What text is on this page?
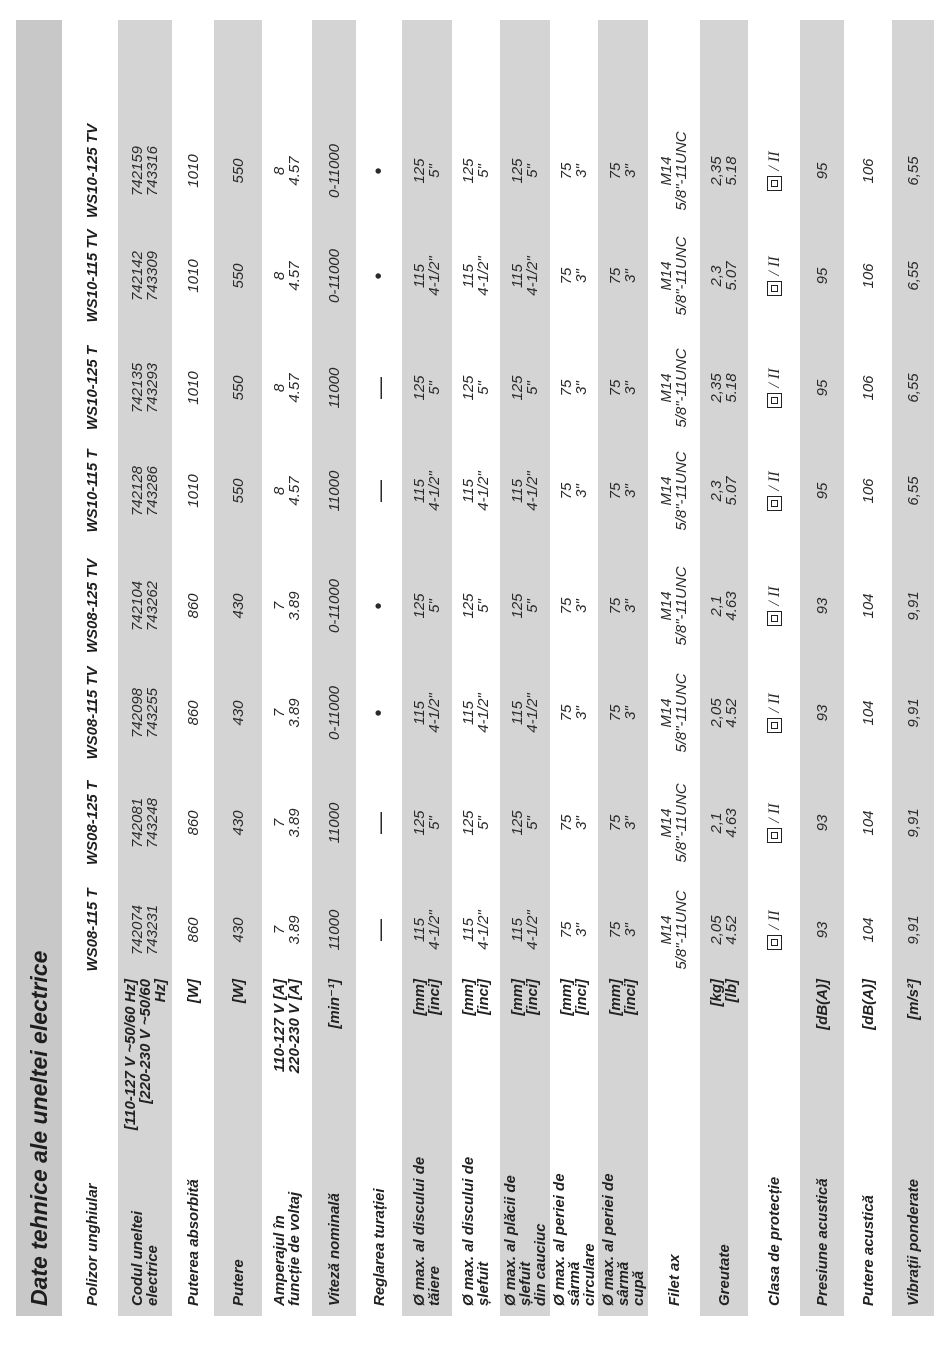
Date tehnice ale uneltei electrice	Polizor unghiular
WS08-115 T
WS08-125 T
WS08-115 TV
WS08-125 TV
WS10-115 T
WS10-125 T
WS10-115 TV
WS10-125 TV
Codul uneltei
electrice
[110-127 V ~50/60 Hz]
[220-230 V ~50/60 Hz]
742074
743231
742081
743248
742098
743255
742104
743262
742128
743286
742135
743293
742142
743309
742159
743316
Puterea absorbită
[W]
860
860
860
860
1010
1010
1010
1010
Putere
[W]
430
430
430
430
550
550
550
550
Amperajul în
funcție de voltaj
110-127 V [A]
220-230 V [A]
7
3.89
7
3.89
7
3.89
7
3.89
8
4.57
8
4.57
8
4.57
8
4.57
Viteză nominală
[min⁻¹]
11000
11000
0-11000
0-11000
11000
11000
0-11000
0-11000
Reglarea turației
—
—
•
•
—
—
•
•
Ø max. al discului de
tăiere
[mm]
[inci]
115
4-1/2"
125
5"
115
4-1/2"
125
5"
115
4-1/2"
125
5"
115
4-1/2"
125
5"
Ø max. al discului de
șlefuit
[mm]
[inci]
115
4-1/2"
125
5"
115
4-1/2"
125
5"
115
4-1/2"
125
5"
115
4-1/2"
125
5"
Ø max. al plăcii de șlefuit
din cauciuc
[mm]
[inci]
115
4-1/2"
125
5"
115
4-1/2"
125
5"
115
4-1/2"
125
5"
115
4-1/2"
125
5"
Ø max. al periei de sârmă
circulare
[mm]
[inci]
75
3"
75
3"
75
3"
75
3"
75
3"
75
3"
75
3"
75
3"
Ø max. al periei de sârmă
cupă
[mm]
[inci]
75
3"
75
3"
75
3"
75
3"
75
3"
75
3"
75
3"
75
3"
Filet ax
M14
5/8"-11UNC
M14
5/8"-11UNC
M14
5/8"-11UNC
M14
5/8"-11UNC
M14
5/8"-11UNC
M14
5/8"-11UNC
M14
5/8"-11UNC
M14
5/8"-11UNC
Greutate
[kg]
[lb]
2,05
4.52
2,1
4.63
2,05
4.52
2,1
4.63
2,3
5.07
2,35
5.18
2,3
5.07
2,35
5.18
Clasa de protecție
/ II
/ II
/ II
/ II
/ II
/ II
/ II
/ II
Presiune acustică
[dB(A)]
93
93
93
93
95
95
95
95
Putere acustică
[dB(A)]
104
104
104
104
106
106
106
106
Vibrații ponderate
[m/s²]
9,91
9,91
9,91
9,91
6,55
6,55
6,55
6,55
